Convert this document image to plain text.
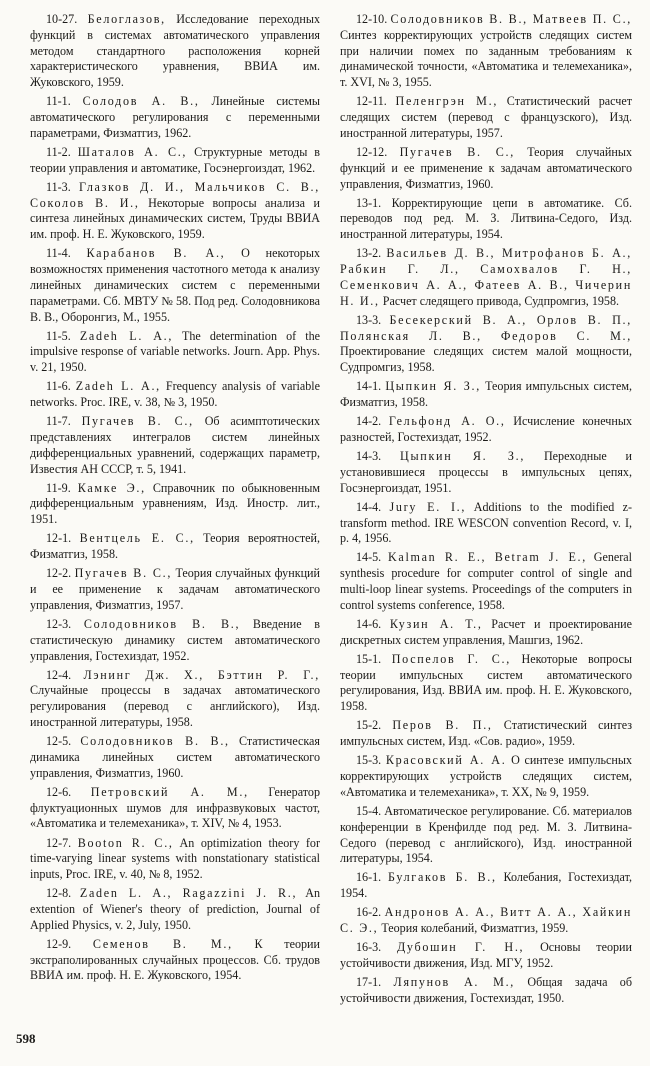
10-27. Белоглазов, Исследование переходных функций в системах автоматического управления методом стандартного расположения корней характеристического уравнения, ВВИА им. Жуковского, 1959.

11-1. Солодов А. В., Линейные системы автоматического регулирования с переменными параметрами, Физматгиз, 1962.

11-2. Шаталов А. С., Структурные методы в теории управления и автоматике, Госэнергоиздат, 1962.

11-3. Глазков Д. И., Мальчиков С. В., Соколов В. И., Некоторые вопросы анализа и синтеза линейных динамических систем, Труды ВВИА им. проф. Н. Е. Жуковского, 1959.

11-4. Карабанов В. А., О некоторых возможностях применения частотного метода к анализу линейных динамических систем с переменными параметрами. Сб. МВТУ № 58. Под ред. Солодовникова В. В., Оборонгиз, М., 1955.

11-5. Zadeh L. A., The determination of the impulsive response of variable networks. Journ. App. Phys. v. 21, 1950.

11-6. Zadeh L. A., Frequency analysis of variable networks. Proc. IRE, v. 38, № 3, 1950.

11-7. Пугачев В. С., Об асимптотических представлениях интегралов систем линейных дифференциальных уравнений, содержащих параметр, Известия АН СССР, т. 5, 1941.

11-9. Камке Э., Справочник по обыкновенным дифференциальным уравнениям, Изд. Иностр. лит., 1951.

12-1. Вентцель Е. С., Теория вероятностей, Физматгиз, 1958.

12-2. Пугачев В. С., Теория случайных функций и ее применение к задачам автоматического управления, Физматгиз, 1957.

12-3. Солодовников В. В., Введение в статистическую динамику систем автоматического управления, Гостехиздат, 1952.

12-4. Лэнинг Дж. Х., Бэттин Р. Г., Случайные процессы в задачах автоматического регулирования (перевод с английского), Изд. иностранной литературы, 1958.

12-5. Солодовников В. В., Статистическая динамика линейных систем автоматического управления, Физматгиз, 1960.

12-6. Петровский А. М., Генератор флуктуационных шумов для инфразвуковых частот, «Автоматика и телемеханика», т. XIV, № 4, 1953.

12-7. Booton R. C., An optimization theory for time-varying linear systems with nonstationary statistical inputs, Proc. IRE, v. 40, № 8, 1952.

12-8. Zaden L. A., Ragazzini J. R., An extention of Wiener's theory of prediction, Journal of Applied Physics, v. 2, July, 1950.

12-9. Семенов В. М., К теории экстраполированных случайных процессов. Сб. трудов ВВИА им. проф. Н. Е. Жуковского, 1954.

12-10. Солодовников В. В., Матвеев П. С., Синтез корректирующих устройств следящих систем при наличии помех по заданным требованиям к динамической точности, «Автоматика и телемеханика», т. XVI, № 3, 1955.

12-11. Пеленгрэн М., Статистический расчет следящих систем (перевод с французского), Изд. иностранной литературы, 1957.

12-12. Пугачев В. С., Теория случайных функций и ее применение к задачам автоматического управления, Физматгиз, 1960.

13-1. Корректирующие цепи в автоматике. Сб. переводов под ред. М. З. Литвина-Седого, Изд. иностранной литературы, 1954.

13-2. Васильев Д. В., Митрофанов Б. А., Рабкин Г. Л., Самохвалов Г. Н., Семенкович А. А., Фатеев А. В., Чичерин Н. И., Расчет следящего привода, Судпромгиз, 1958.

13-3. Бесекерский В. А., Орлов В. П., Полянская Л. В., Федоров С. М., Проектирование следящих систем малой мощности, Судпромгиз, 1958.

14-1. Цыпкин Я. З., Теория импульсных систем, Физматгиз, 1958.

14-2. Гельфонд А. О., Исчисление конечных разностей, Гостехиздат, 1952.

14-3. Цыпкин Я. З., Переходные и установившиеся процессы в импульсных цепях, Госэнергоиздат, 1951.

14-4. Jury E. I., Additions to the modified z-transform method. IRE WESCON convention Record, v. I, p. 4, 1956.

14-5. Kalman R. E., Betram J. E., General synthesis procedure for computer control of single and multi-loop linear systems. Proceedings of the computers in control systems conference, 1958.

14-6. Кузин А. Т., Расчет и проектирование дискретных систем управления, Машгиз, 1962.

15-1. Поспелов Г. С., Некоторые вопросы теории импульсных систем автоматического регулирования, Изд. ВВИА им. проф. Н. Е. Жуковского, 1958.

15-2. Перов В. П., Статистический синтез импульсных систем, Изд. «Сов. радио», 1959.

15-3. Красовский А. А. О синтезе импульсных корректирующих устройств следящих систем, «Автоматика и телемеханика», т. XX, № 9, 1959.

15-4. Автоматическое регулирование. Сб. материалов конференции в Кренфилде под ред. М. З. Литвина-Седого (перевод с английского), Изд. иностранной литературы, 1954.

16-1. Булгаков Б. В., Колебания, Гостехиздат, 1954.

16-2. Андронов А. А., Витт А. А., Хайкин С. Э., Теория колебаний, Физматгиз, 1959.

16-3. Дубошин Г. Н., Основы теории устойчивости движения, Изд. МГУ, 1952.

17-1. Ляпунов А. М., Общая задача об устойчивости движения, Гостехиздат, 1950.

598
